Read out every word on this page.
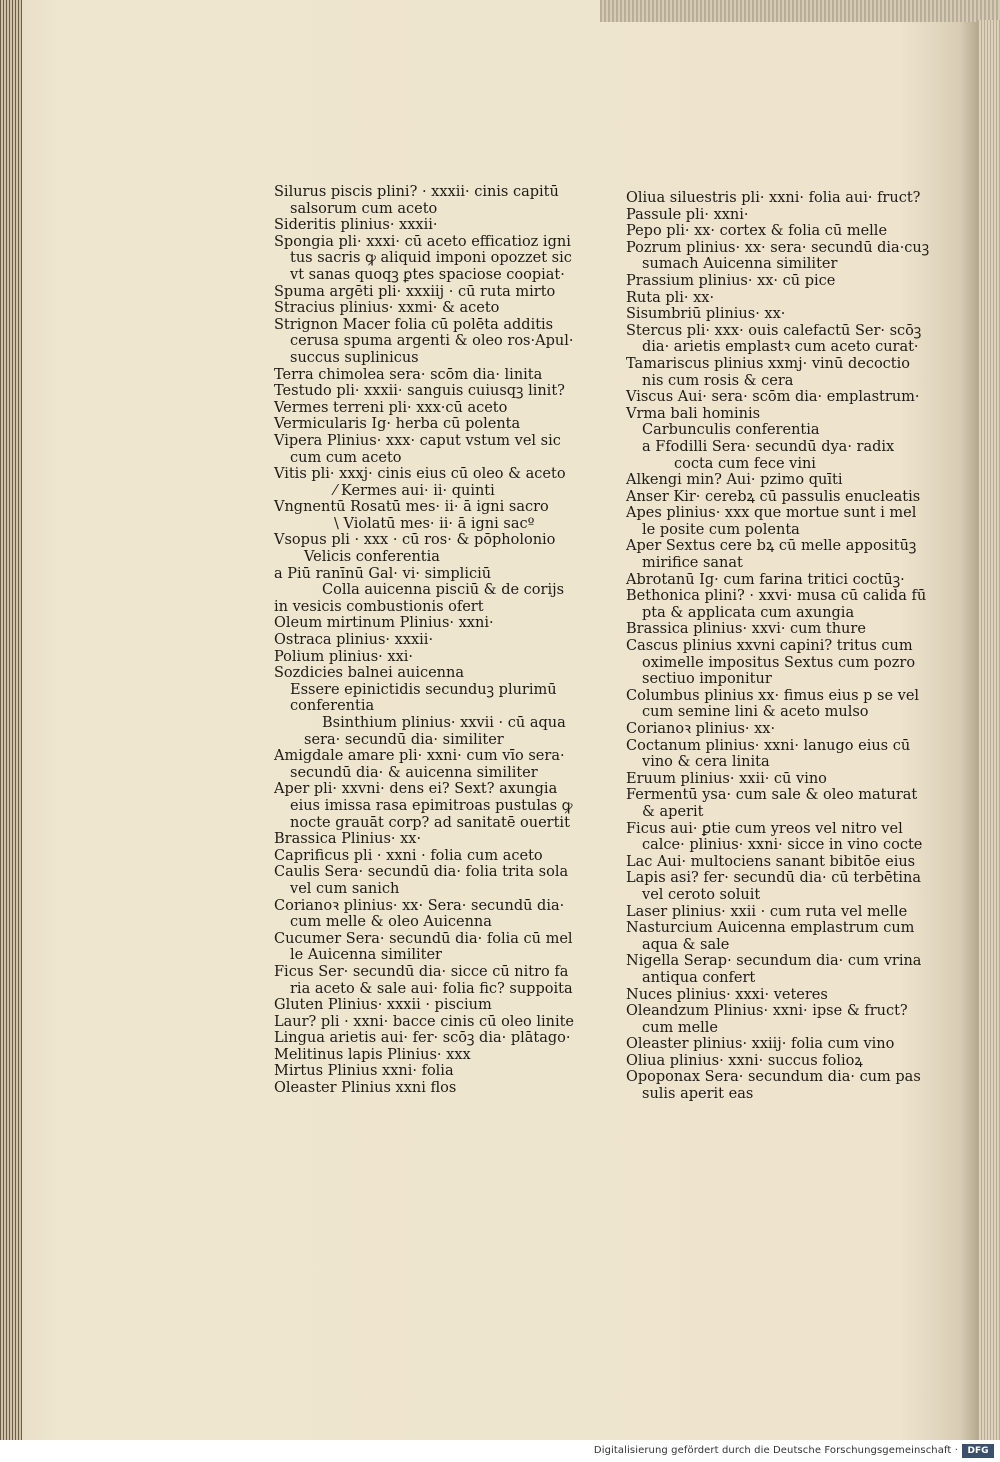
Silurus piscis plini? · xxxii· cinis capitū
salsorum cum aceto
Sideritis plinius· xxxii·
Spongia pli· xxxi· cū aceto efficatioz igni
tus sacris ꝙ aliquid imponi opozzet sic
vt sanas quoqꝫ ꝑtes spaciose coopiat·
Spuma argēti pli· xxxiij · cū ruta mirto
Stracius plinius· xxmi· & aceto
Strignon Macer folia cū polēta additis
cerusa spuma argenti & oleo ros·Apul·
succus suplinicus
Terra chimolea sera· scōm dia· linita
Testudo pli· xxxii· sanguis cuiusqꝫ linit?
Vermes terreni pli· xxx·cū aceto
Vermicularis Ig· herba cū polenta
Vipera Plinius· xxx· caput vstum vel sic
cum cum aceto
Vitis pli· xxxj· cinis eius cū oleo & aceto
⁄ Kermes aui· ii· quinti
Vngnentū Rosatū mes· ii· ā igni sacro
\ Violatū mes· ii· ā igni sacº
Vsopus pli · xxx · cū ros· & pōpholonio
Velicis conferentia
a Piū ranīnū Gal· vi· simpliciū
Colla auicenna pisciū & de corijs
in vesicis combustionis ofert
Oleum mirtinum Plinius· xxni·
Ostraca plinius· xxxii·
Polium plinius· xxi·
Sozdicies balnei auicenna
Essere epinictidis secunduꝫ plurimū
conferentia
Bsinthium plinius· xxvii · cū aqua
sera· secundū dia· similiter
Amigdale amare pli· xxni· cum vīo sera·
secundū dia· & auicenna similiter
Aper pli· xxvni· dens ei? Sext? axungia
eius imissa rasa epimitroas pustulas ꝙ
nocte grauāt corp? ad sanitatē ouertit
Brassica Plinius· xx·
Caprificus pli · xxni · folia cum aceto
Caulis Sera· secundū dia· folia trita sola
vel cum sanich
Corianoꝛ plinius· xx· Sera· secundū dia·
cum melle & oleo Auicenna
Cucumer Sera· secundū dia· folia cū mel
le Auicenna similiter
Ficus Ser· secundū dia· sicce cū nitro fa
ria aceto & sale aui· folia fic? suppoita
Gluten Plinius· xxxii · piscium
Laur? pli · xxni· bacce cinis cū oleo linite
Lingua arietis aui· fer· scōꝫ dia· plātago·
Melitinus lapis Plinius· xxx
Mirtus Plinius xxni· folia
Oleaster Plinius xxni flos
Oliua siluestris pli· xxni· folia aui· fruct?
Passule pli· xxni·
Pepo pli· xx· cortex & folia cū melle
Pozrum plinius· xx· sera· secundū dia·cuꝫ
sumach Auicenna similiter
Prassium plinius· xx· cū pice
Ruta pli· xx·
Sisumbriū plinius· xx·
Stercus pli· xxx· ouis calefactū Ser· scōꝫ
dia· arietis emplastꝛ cum aceto curat·
Tamariscus plinius xxmj· vinū decoctio
nis cum rosis & cera
Viscus Aui· sera· scōm dia· emplastrum·
Vrma bali hominis
Carbunculis conferentia
a Ffodilli Sera· secundū dya· radix
cocta cum fece vini
Alkengi min? Aui· pzimo quīti
Anser Kir· cerebꝝ cū passulis enucleatis
Apes plinius· xxx que mortue sunt i mel
le posite cum polenta
Aper Sextus cere bꝝ cū melle appositūꝫ
mirifice sanat
Abrotanū Ig· cum farina tritici coctūꝫ·
Bethonica plini? · xxvi· musa cū calida fū
pta & applicata cum axungia
Brassica plinius· xxvi· cum thure
Cascus plinius xxvni capini? tritus cum
oximelle impositus Sextus cum pozro
sectiuo imponitur
Columbus plinius xx· fimus eius p se vel
cum semine lini & aceto mulso
Corianoꝛ plinius· xx·
Coctanum plinius· xxni· lanugo eius cū
vino & cera linita
Eruum plinius· xxii· cū vino
Fermentū ysa· cum sale & oleo maturat
& aperit
Ficus aui· ꝑtie cum yreos vel nitro vel
calce· plinius· xxni· sicce in vino cocte
Lac Aui· multociens sanant bibitōe eius
Lapis asi? fer· secundū dia· cū terbētina
vel ceroto soluit
Laser plinius· xxii · cum ruta vel melle
Nasturcium Auicenna emplastrum cum
aqua & sale
Nigella Serap· secundum dia· cum vrina
antiqua confert
Nuces plinius· xxxi· veteres
Oleandzum Plinius· xxni· ipse & fruct?
cum melle
Oleaster plinius· xxiij· folia cum vino
Oliua plinius· xxni· succus folioꝝ
Opoponax Sera· secundum dia· cum pas
sulis aperit eas
Digitalisierung gefördert durch die Deutsche Forschungsgemeinschaft ·	DFG
